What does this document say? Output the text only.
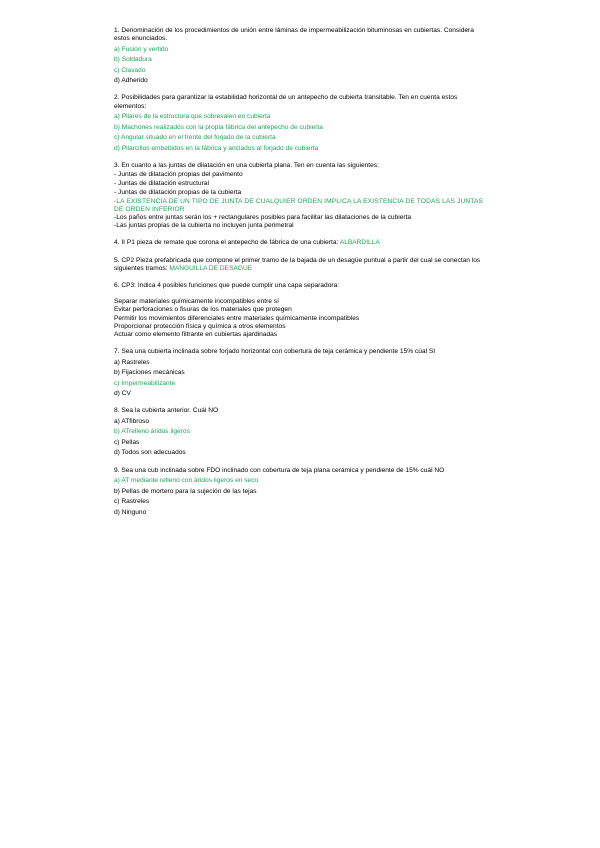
1. Denominación de los procedimientos de unión entre láminas de impermeabilización bituminosas en cubiertas. Considera estos enunciados.
a) Fusión y vertido
b) Soldadura
c) Clavado
d) Adherido
2. Posibilidades para garantizar la estabilidad horizontal de un antepecho de cubierta transitable. Ten en cuenta estos elementos:
a) Pilares de la estructura que sobresalen en cubierta
b) Machones realizados con la propia fábrica del antepecho de cubierta
c) Angular situado en el frente del forjado de la cubierta
d) Pilarcillos embebidos en la fábrica y anclados al forjado de cubierta
3. En cuanto a las juntas de dilatación en una cubierta plana. Ten en cuenta las siguientes:
- Juntas de dilatación propias del pavimento
- Juntas de dilatación estructural
- Juntas de dilatación propias de la cubierta
-LA EXISTENCIA DE UN TIPO DE JUNTA DE CUALQUIER ORDEN IMPLICA LA EXISTENCIA DE TODAS LAS JUNTAS DE ORDEN INFERIOR
-Los paños entre juntas serán los + rectangulares posibles para facilitar las dilataciones de la cubierta
-Las juntas propias de la cubierta no incluyen junta perimetral
4. II P1 pieza de remate que corona el antepecho de fábrica de una cubierta: ALBARDILLA
5. CP2 Pieza prefabricada que compone el primer tramo de la bajada de un desagüe puntual a partir del cual se conectan los siguientes tramos: MANGUILLA DE DESAGUE
6. CP3: Indica 4 posibles funciones que puede cumplir una capa separadora:
Separar materiales químicamente incompatibles entre sí
Evitar perforaciones o fisuras de los materiales que protegen
Permitir los movimientos diferenciales entre materiales químicamente incompatibles
Proporcionar protección física y química a otros elementos
Actuar como elemento filtrante en cubiertas ajardinadas
7. Sea una cubierta inclinada sobre forjado horizontal con cobertura de teja cerámica y pendiente 15% cúal SI
a) Rastreles
b) Fijaciones mecánicas
c) Impermeabilizante
d) CV
8. Sea la cubierta anterior. Cuál NO
a) ATfibroso
b) ATrelleno áridos ligeros
c) Pellas
d) Todos son adecuados
9. Sea una cub inclinada sobre FDO inclinado con cobertura de teja plana cerámica y pendiente de 15% cuál NO
a) AT mediante relleno con áridos ligeros en seco
b) Pellas de mortero para la sujeción de las tejas
c) Rastreles
d) Ninguno
